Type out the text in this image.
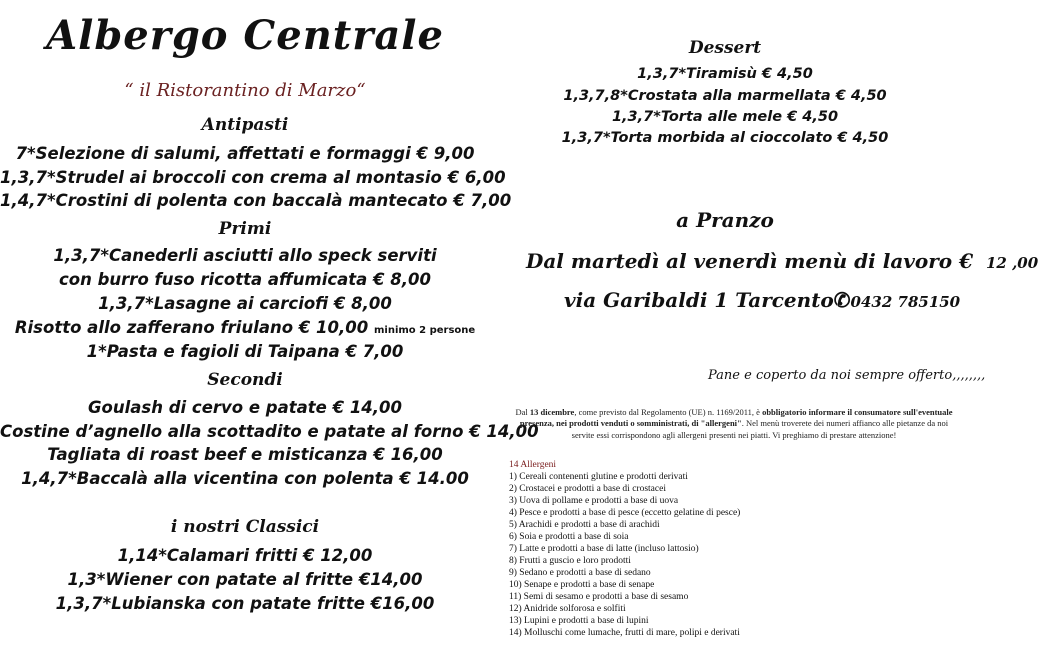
Albergo Centrale
“ il Ristorantino di Marzo“
Antipasti
7*Selezione di salumi, affettati e formaggi € 9,00
1,3,7*Strudel ai broccoli con crema al montasio € 6,00
1,4,7*Crostini di polenta con baccalà mantecato € 7,00
Primi
1,3,7*Canederli asciutti allo speck serviti
con burro fuso ricotta affumicata € 8,00
1,3,7*Lasagne ai carciofi € 8,00
Risotto allo zafferano friulano € 10,00 minimo 2 persone
1*Pasta e fagioli di Taipana € 7,00
Secondi
Goulash di cervo e patate € 14,00
Costine d’agnello alla scottadito e patate al forno € 14,00
Tagliata di roast beef e misticanza € 16,00
1,4,7*Baccalà alla vicentina con polenta € 14.00
i nostri Classici
1,14*Calamari fritti € 12,00
1,3*Wiener con patate al fritte €14,00
1,3,7*Lubianska con patate fritte €16,00
Dessert
1,3,7*Tiramisù € 4,50
1,3,7,8*Crostata alla marmellata € 4,50
1,3,7*Torta alle mele € 4,50
1,3,7*Torta morbida al cioccolato € 4,50
a Pranzo
Dal martedì al venerdì menù di lavoro € 12 ,00
via Garibaldi 1 Tarcento✆0432 785150
Pane e coperto da noi sempre offerto,,,,,,,,
Dal 13 dicembre, come previsto dal Regolamento (UE) n. 1169/2011, è obbligatorio informare il consumatore sull'eventuale presenza, nei prodotti venduti o somministrati, di "allergeni". Nel menù troverete dei numeri affianco alle pietanze da noi servite essi corrispondono agli allergeni presenti nei piatti. Vi preghiamo di prestare attenzione!
14 Allergeni
1) Cereali contenenti glutine e prodotti derivati
2) Crostacei e prodotti a base di crostacei
3) Uova di pollame e prodotti a base di uova
4) Pesce e prodotti a base di pesce (eccetto gelatine di pesce)
5) Arachidi e prodotti a base di arachidi
6) Soia e prodotti a base di soia
7) Latte e prodotti a base di latte (incluso lattosio)
8) Frutti a guscio e loro prodotti
9) Sedano e prodotti a base di sedano
10) Senape e prodotti a base di senape
11) Semi di sesamo e prodotti a base di sesamo
12) Anidride solforosa e solfiti
13) Lupini e prodotti a base di lupini
14) Molluschi come lumache, frutti di mare, polipi e derivati
